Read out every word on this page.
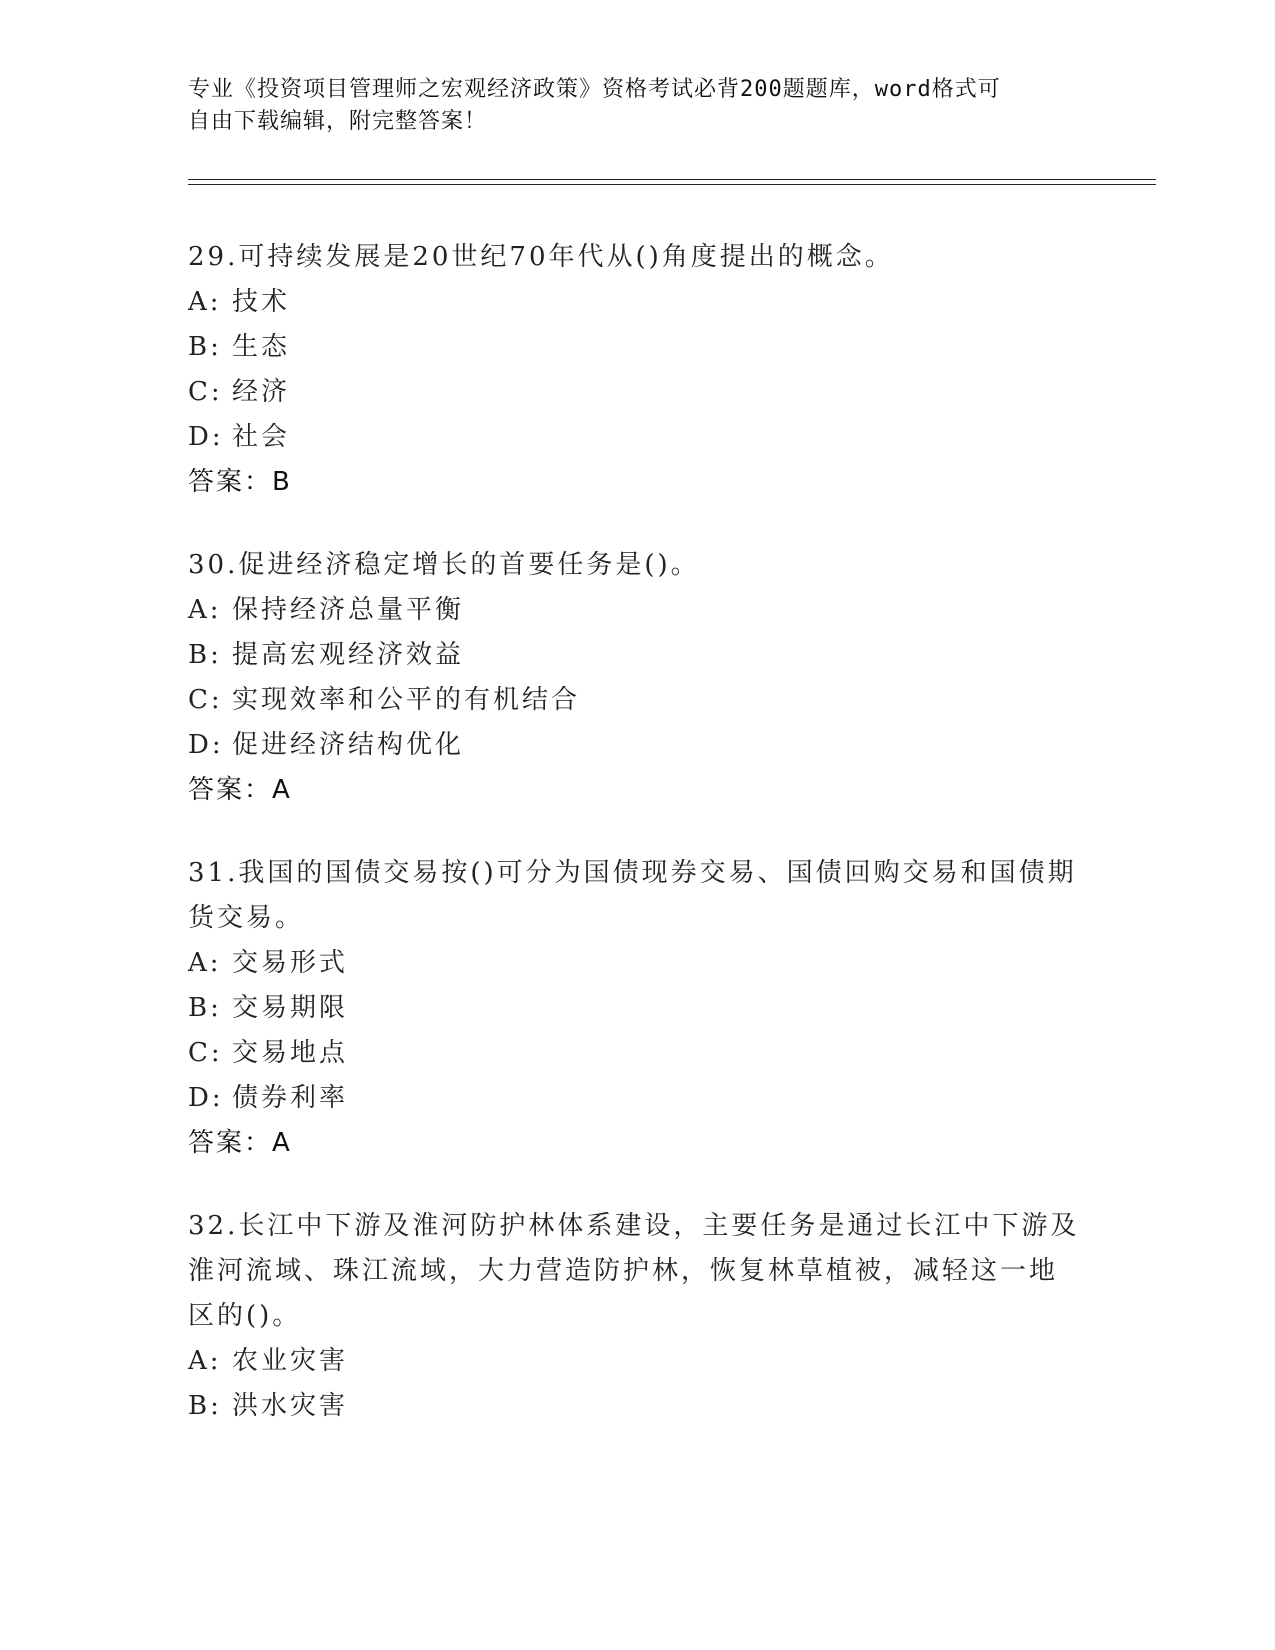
专业《投资项目管理师之宏观经济政策》资格考试必背200题题库，word格式可
自由下载编辑，附完整答案！
29.可持续发展是20世纪70年代从()角度提出的概念。
A: 技术
B: 生态
C: 经济
D: 社会
答案：B
30.促进经济稳定增长的首要任务是()。
A: 保持经济总量平衡
B: 提高宏观经济效益
C: 实现效率和公平的有机结合
D: 促进经济结构优化
答案：A
31.我国的国债交易按()可分为国债现券交易、国债回购交易和国债期
货交易。
A: 交易形式
B: 交易期限
C: 交易地点
D: 债券利率
答案：A
32.长江中下游及淮河防护林体系建设，主要任务是通过长江中下游及
淮河流域、珠江流域，大力营造防护林，恢复林草植被，减轻这一地
区的()。
A: 农业灾害
B: 洪水灾害
